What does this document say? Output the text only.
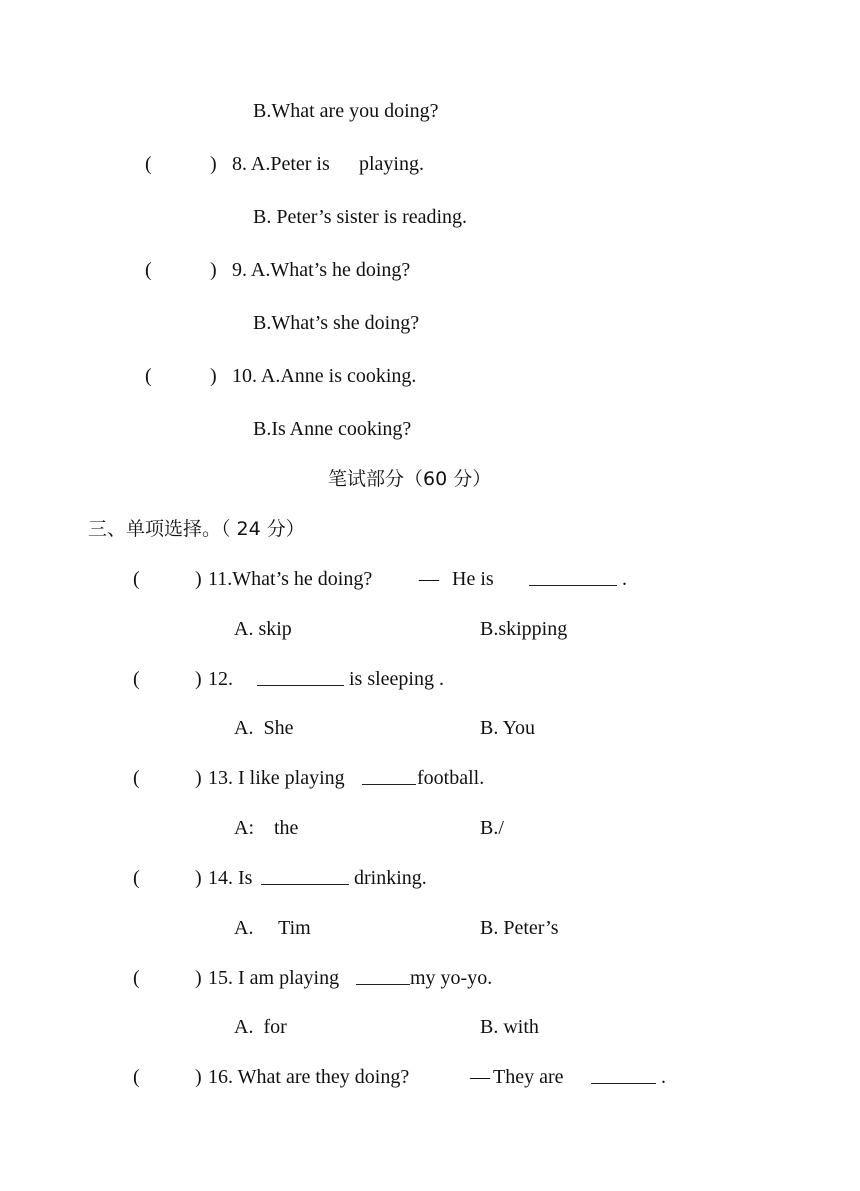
B.What are you doing?
(	) 8. A.Peter is playing.
B. Peter’s sister is reading.
(	) 9. A.What’s he doing?
B.What’s she doing?
(	) 10. A.Anne is cooking.
B.Is Anne cooking?
笔试部分（60 分）
三、单项选择。（ 24 分）
(	) 11.What’s he doing? — He is	.
A. skip	B.skipping
(	) 12.	is sleeping .
A.  She	B. You
(	) 13. I like playing	football.
A:    the	B./
(	) 14. Is	drinking.
A.     Tim	B. Peter’s
(	) 15. I am playing	my yo-yo.
A.  for	B. with
(	) 16. What are they doing?	— They are	.
